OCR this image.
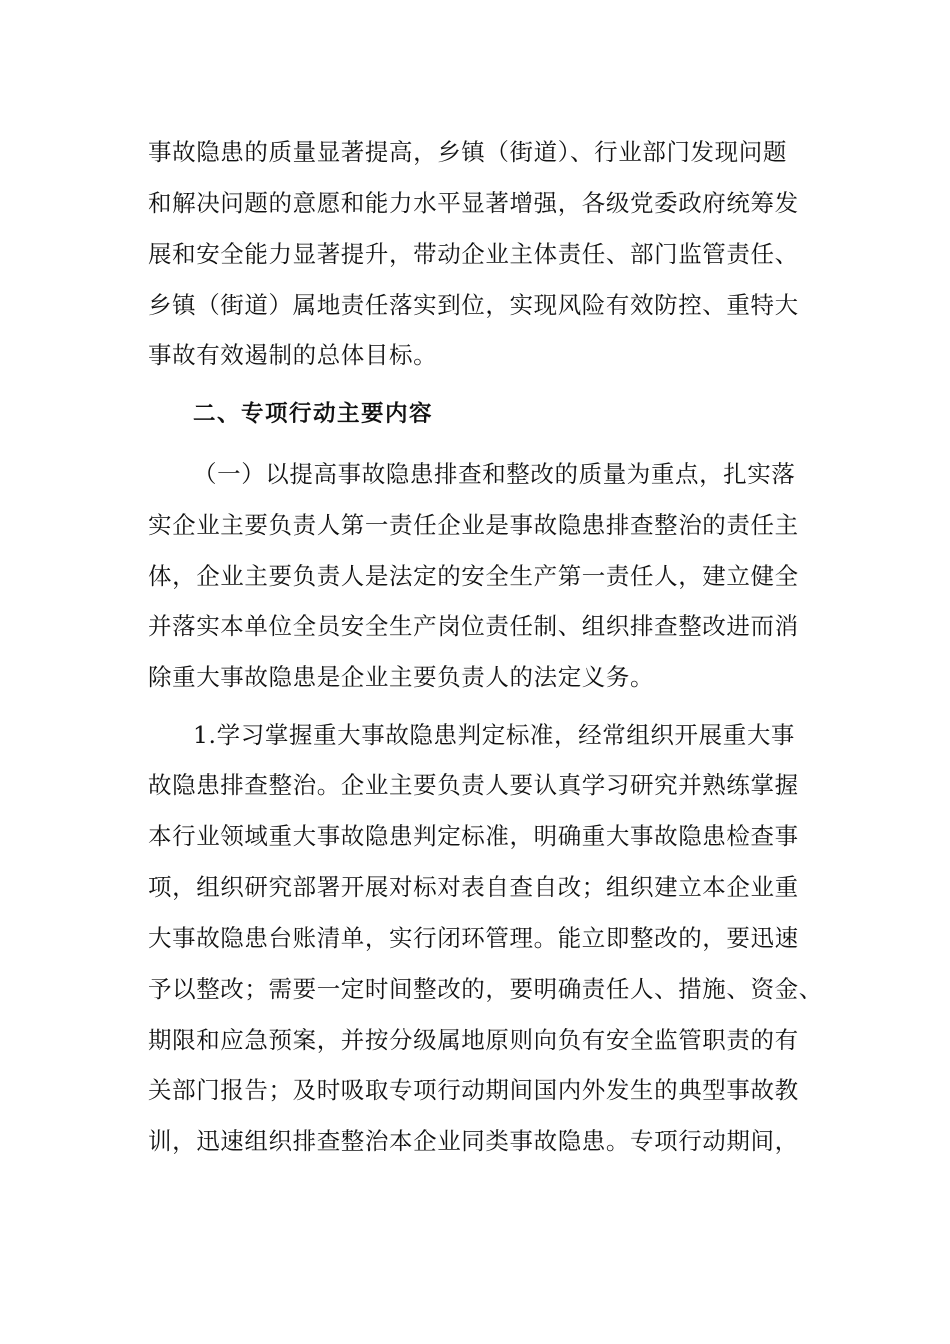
事故隐患的质量显著提高，乡镇（街道）、行业部门发现问题
和解决问题的意愿和能力水平显著增强，各级党委政府统筹发
展和安全能力显著提升，带动企业主体责任、部门监管责任、
乡镇（街道）属地责任落实到位，实现风险有效防控、重特大
事故有效遏制的总体目标。
二、专项行动主要内容
（一）以提高事故隐患排查和整改的质量为重点，扎实落
实企业主要负责人第一责任企业是事故隐患排查整治的责任主
体，企业主要负责人是法定的安全生产第一责任人，建立健全
并落实本单位全员安全生产岗位责任制、组织排查整改进而消
除重大事故隐患是企业主要负责人的法定义务。
1.学习掌握重大事故隐患判定标准，经常组织开展重大事
故隐患排查整治。企业主要负责人要认真学习研究并熟练掌握
本行业领域重大事故隐患判定标准，明确重大事故隐患检查事
项，组织研究部署开展对标对表自查自改；组织建立本企业重
大事故隐患台账清单，实行闭环管理。能立即整改的，要迅速
予以整改；需要一定时间整改的，要明确责任人、措施、资金、
期限和应急预案，并按分级属地原则向负有安全监管职责的有
关部门报告；及时吸取专项行动期间国内外发生的典型事故教
训，迅速组织排查整治本企业同类事故隐患。专项行动期间，
